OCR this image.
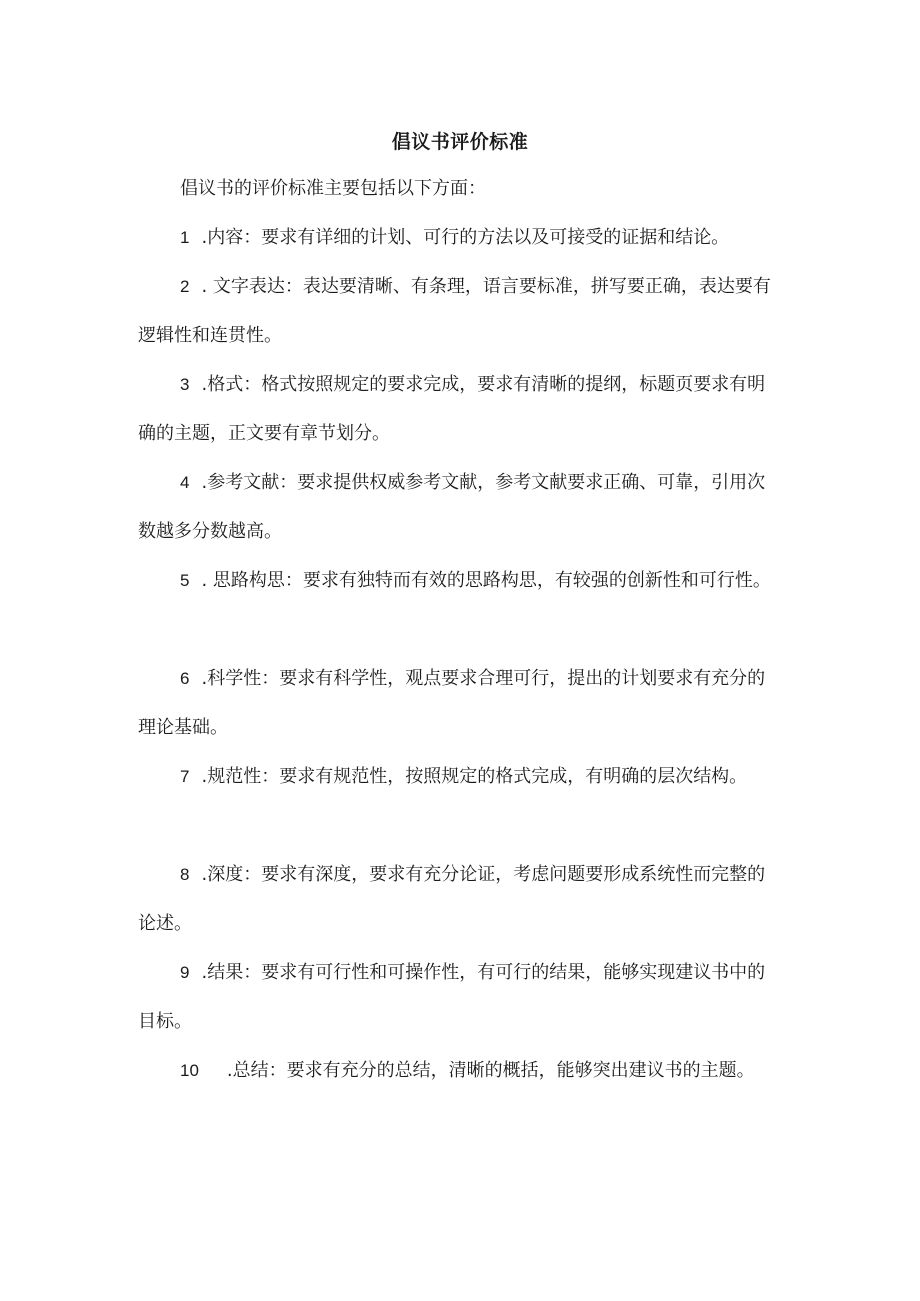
倡议书评价标准
倡议书的评价标准主要包括以下方面：
1 .内容：要求有详细的计划、可行的方法以及可接受的证据和结论。
2 . 文字表达：表达要清晰、有条理，语言要标准，拼写要正确，表达要有逻辑性和连贯性。
3 .格式：格式按照规定的要求完成，要求有清晰的提纲，标题页要求有明确的主题，正文要有章节划分。
4 .参考文献：要求提供权威参考文献，参考文献要求正确、可靠，引用次数越多分数越高。
5 . 思路构思：要求有独特而有效的思路构思，有较强的创新性和可行性。
6 .科学性：要求有科学性，观点要求合理可行，提出的计划要求有充分的理论基础。
7 .规范性：要求有规范性，按照规定的格式完成，有明确的层次结构。
8 .深度：要求有深度，要求有充分论证，考虑问题要形成系统性而完整的论述。
9 .结果：要求有可行性和可操作性，有可行的结果，能够实现建议书中的目标。
10 .总结：要求有充分的总结，清晰的概括，能够突出建议书的主题。
